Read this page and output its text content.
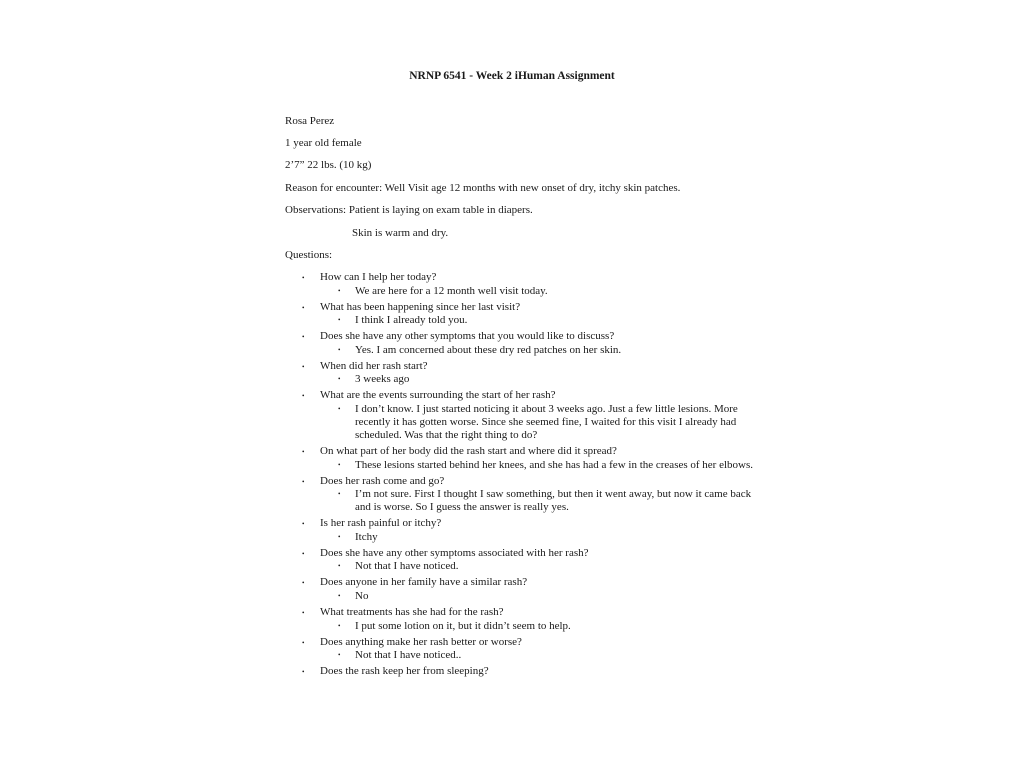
NRNP 6541 - Week 2 iHuman Assignment
Rosa Perez
1 year old female
2’7” 22 lbs. (10 kg)
Reason for encounter: Well Visit age 12 months with new onset of dry, itchy skin patches.
Observations: Patient is laying on exam table in diapers.
Skin is warm and dry.
Questions:
• How can I help her today?
• We are here for a 12 month well visit today.
• What has been happening since her last visit?
• I think I already told you.
• Does she have any other symptoms that you would like to discuss?
• Yes. I am concerned about these dry red patches on her skin.
• When did her rash start?
• 3 weeks ago
• What are the events surrounding the start of her rash?
• I don’t know. I just started noticing it about 3 weeks ago. Just a few little lesions. More recently it has gotten worse. Since she seemed fine, I waited for this visit I already had scheduled. Was that the right thing to do?
• On what part of her body did the rash start and where did it spread?
• These lesions started behind her knees, and she has had a few in the creases of her elbows.
• Does her rash come and go?
• I’m not sure. First I thought I saw something, but then it went away, but now it came back and is worse. So I guess the answer is really yes.
• Is her rash painful or itchy?
• Itchy
• Does she have any other symptoms associated with her rash?
• Not that I have noticed.
• Does anyone in her family have a similar rash?
• No
• What treatments has she had for the rash?
• I put some lotion on it, but it didn’t seem to help.
• Does anything make her rash better or worse?
• Not that I have noticed..
• Does the rash keep her from sleeping?
